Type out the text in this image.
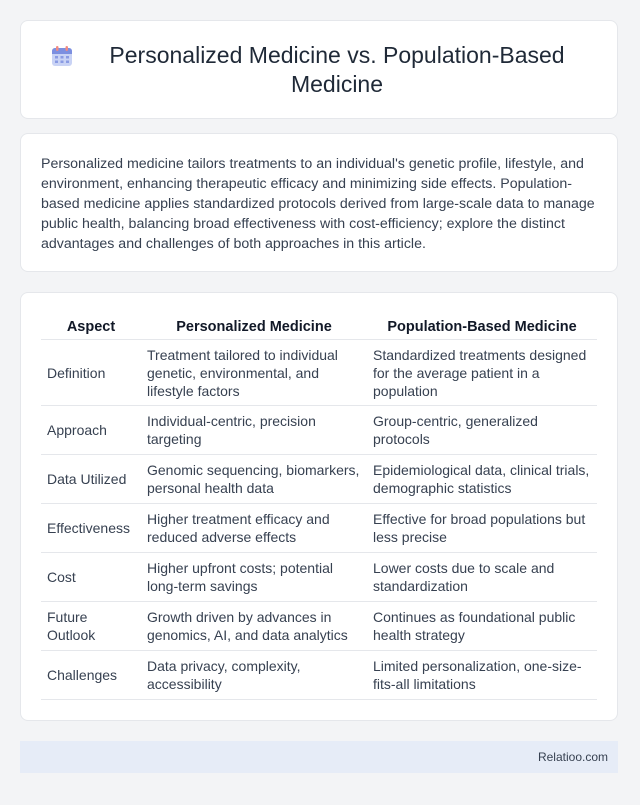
Personalized Medicine vs. Population-Based Medicine

Personalized medicine tailors treatments to an individual's genetic profile, lifestyle, and environment, enhancing therapeutic efficacy and minimizing side effects. Population-based medicine applies standardized protocols derived from large-scale data to manage public health, balancing broad effectiveness with cost-efficiency; explore the distinct advantages and challenges of both approaches in this article.

Aspect	Personalized Medicine	Population-Based Medicine
Definition	Treatment tailored to individual genetic, environmental, and lifestyle factors	Standardized treatments designed for the average patient in a population
Approach	Individual-centric, precision targeting	Group-centric, generalized protocols
Data Utilized	Genomic sequencing, biomarkers, personal health data	Epidemiological data, clinical trials, demographic statistics
Effectiveness	Higher treatment efficacy and reduced adverse effects	Effective for broad populations but less precise
Cost	Higher upfront costs; potential long-term savings	Lower costs due to scale and standardization
Future Outlook	Growth driven by advances in genomics, AI, and data analytics	Continues as foundational public health strategy
Challenges	Data privacy, complexity, accessibility	Limited personalization, one-size-fits-all limitations
Relatioo.com
